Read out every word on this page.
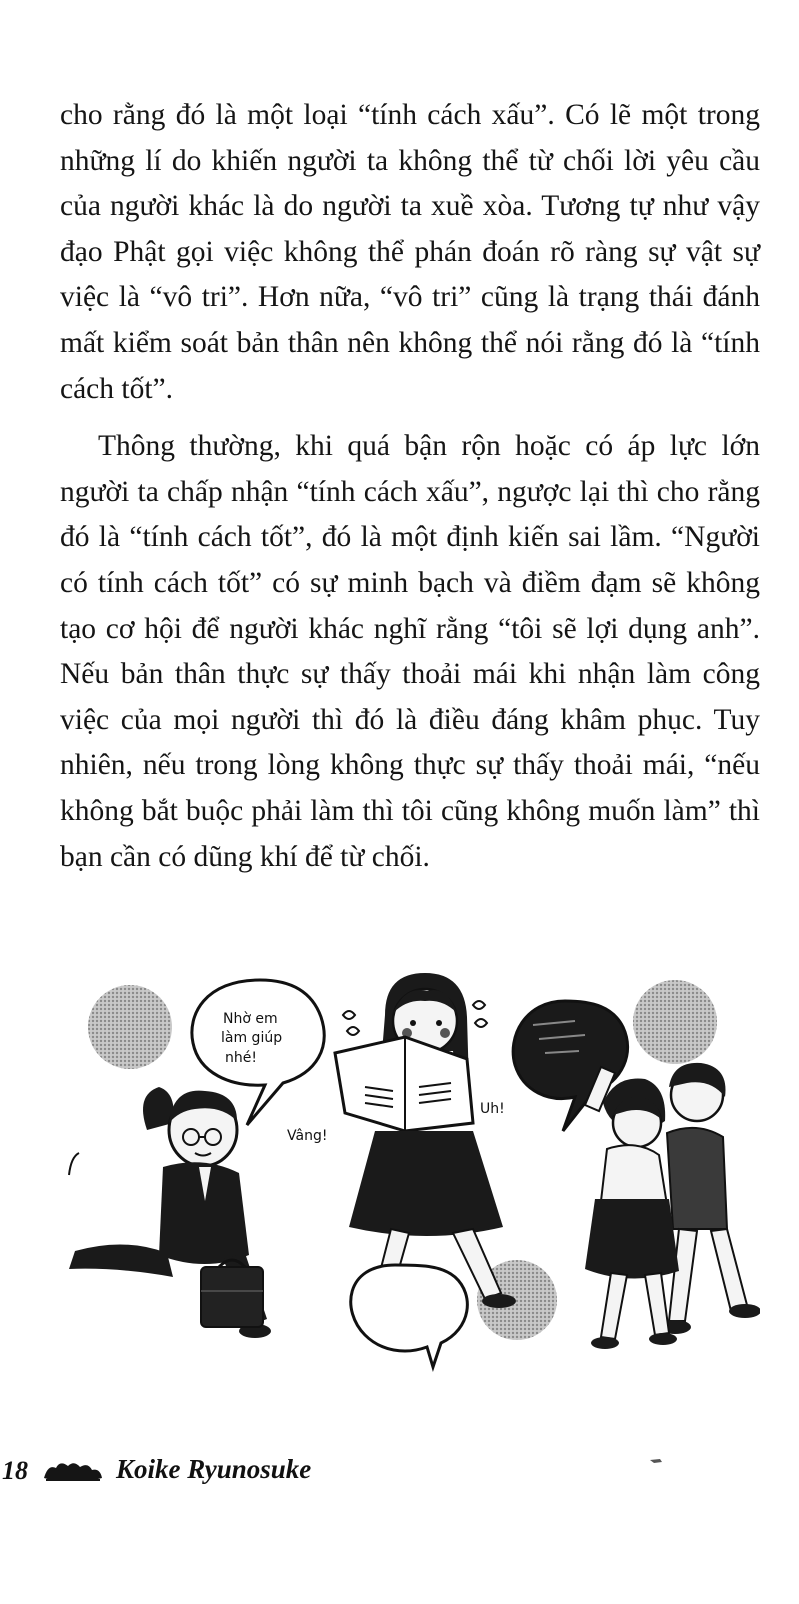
cho rằng đó là một loại “tính cách xấu”. Có lẽ một trong những lí do khiến người ta không thể từ chối lời yêu cầu của người khác là do người ta xuề xòa. Tương tự như vậy đạo Phật gọi việc không thể phán đoán rõ ràng sự vật sự việc là “vô tri”. Hơn nữa, “vô tri” cũng là trạng thái đánh mất kiểm soát bản thân nên không thể nói rằng đó là “tính cách tốt”.

Thông thường, khi quá bận rộn hoặc có áp lực lớn người ta chấp nhận “tính cách xấu”, ngược lại thì cho rằng đó là “tính cách tốt”, đó là một định kiến sai lầm. “Người có tính cách tốt” có sự minh bạch và điềm đạm sẽ không tạo cơ hội để người khác nghĩ rằng “tôi sẽ lợi dụng anh”. Nếu bản thân thực sự thấy thoải mái khi nhận làm công việc của mọi người thì đó là điều đáng khâm phục. Tuy nhiên, nếu trong lòng không thực sự thấy thoải mái, “nếu không bắt buộc phải làm thì tôi cũng không muốn làm” thì bạn cần có dũng khí để từ chối.

Nhờ em
làm giúp
nhé!
Vâng!
Uh!
18	Koike Ryunosuke
